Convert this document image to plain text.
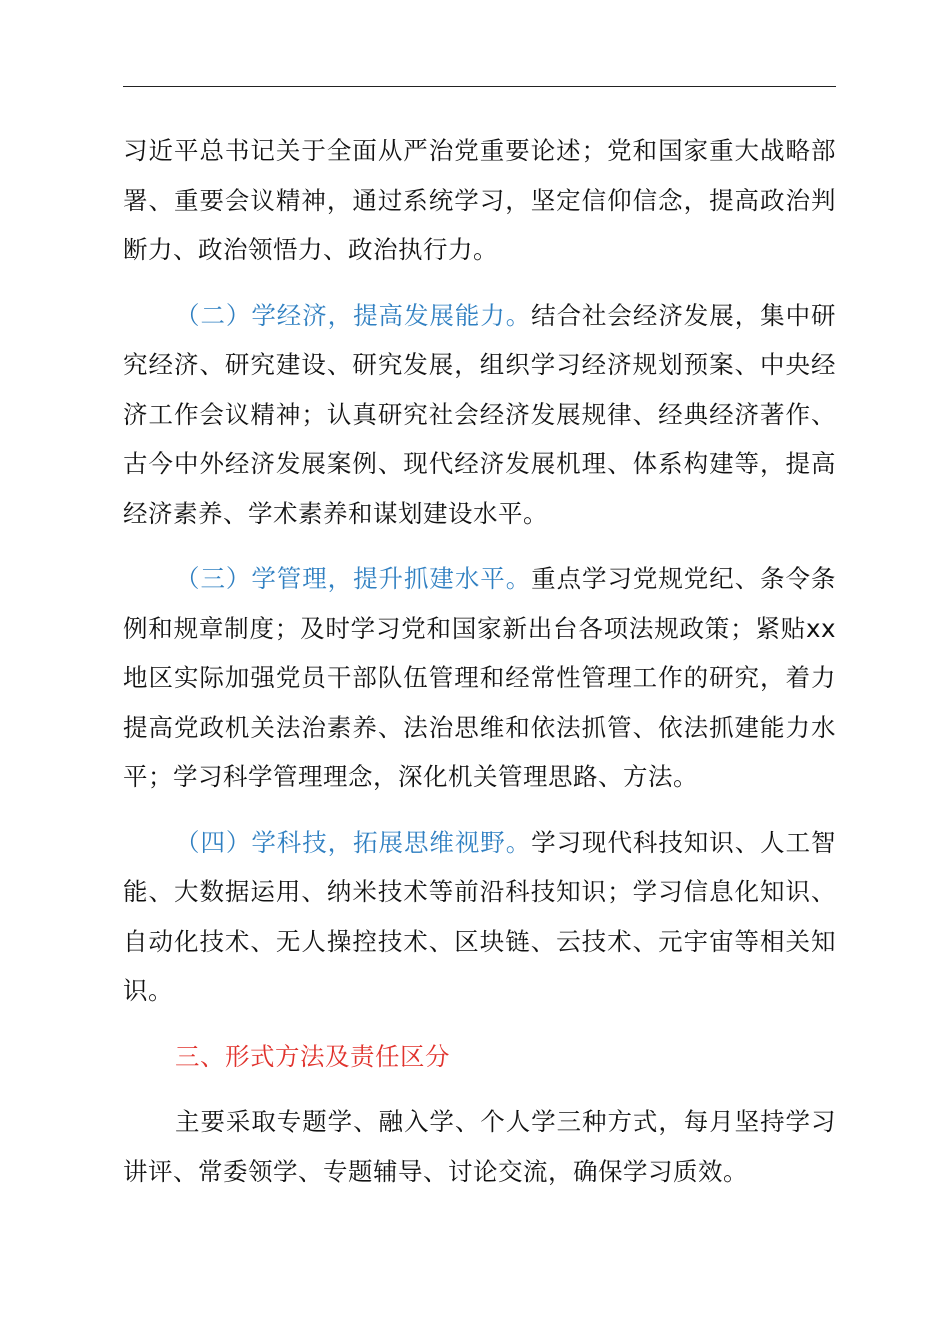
习近平总书记关于全面从严治党重要论述；党和国家重大战略部署、重要会议精神，通过系统学习，坚定信仰信念，提高政治判断力、政治领悟力、政治执行力。

（二）学经济，提高发展能力。结合社会经济发展，集中研究经济、研究建设、研究发展，组织学习经济规划预案、中央经济工作会议精神；认真研究社会经济发展规律、经典经济著作、古今中外经济发展案例、现代经济发展机理、体系构建等，提高经济素养、学术素养和谋划建设水平。

（三）学管理，提升抓建水平。重点学习党规党纪、条令条例和规章制度；及时学习党和国家新出台各项法规政策；紧贴xx地区实际加强党员干部队伍管理和经常性管理工作的研究，着力提高党政机关法治素养、法治思维和依法抓管、依法抓建能力水平；学习科学管理理念，深化机关管理思路、方法。

（四）学科技，拓展思维视野。学习现代科技知识、人工智能、大数据运用、纳米技术等前沿科技知识；学习信息化知识、自动化技术、无人操控技术、区块链、云技术、元宇宙等相关知识。

三、形式方法及责任区分

主要采取专题学、融入学、个人学三种方式，每月坚持学习讲评、常委领学、专题辅导、讨论交流，确保学习质效。
